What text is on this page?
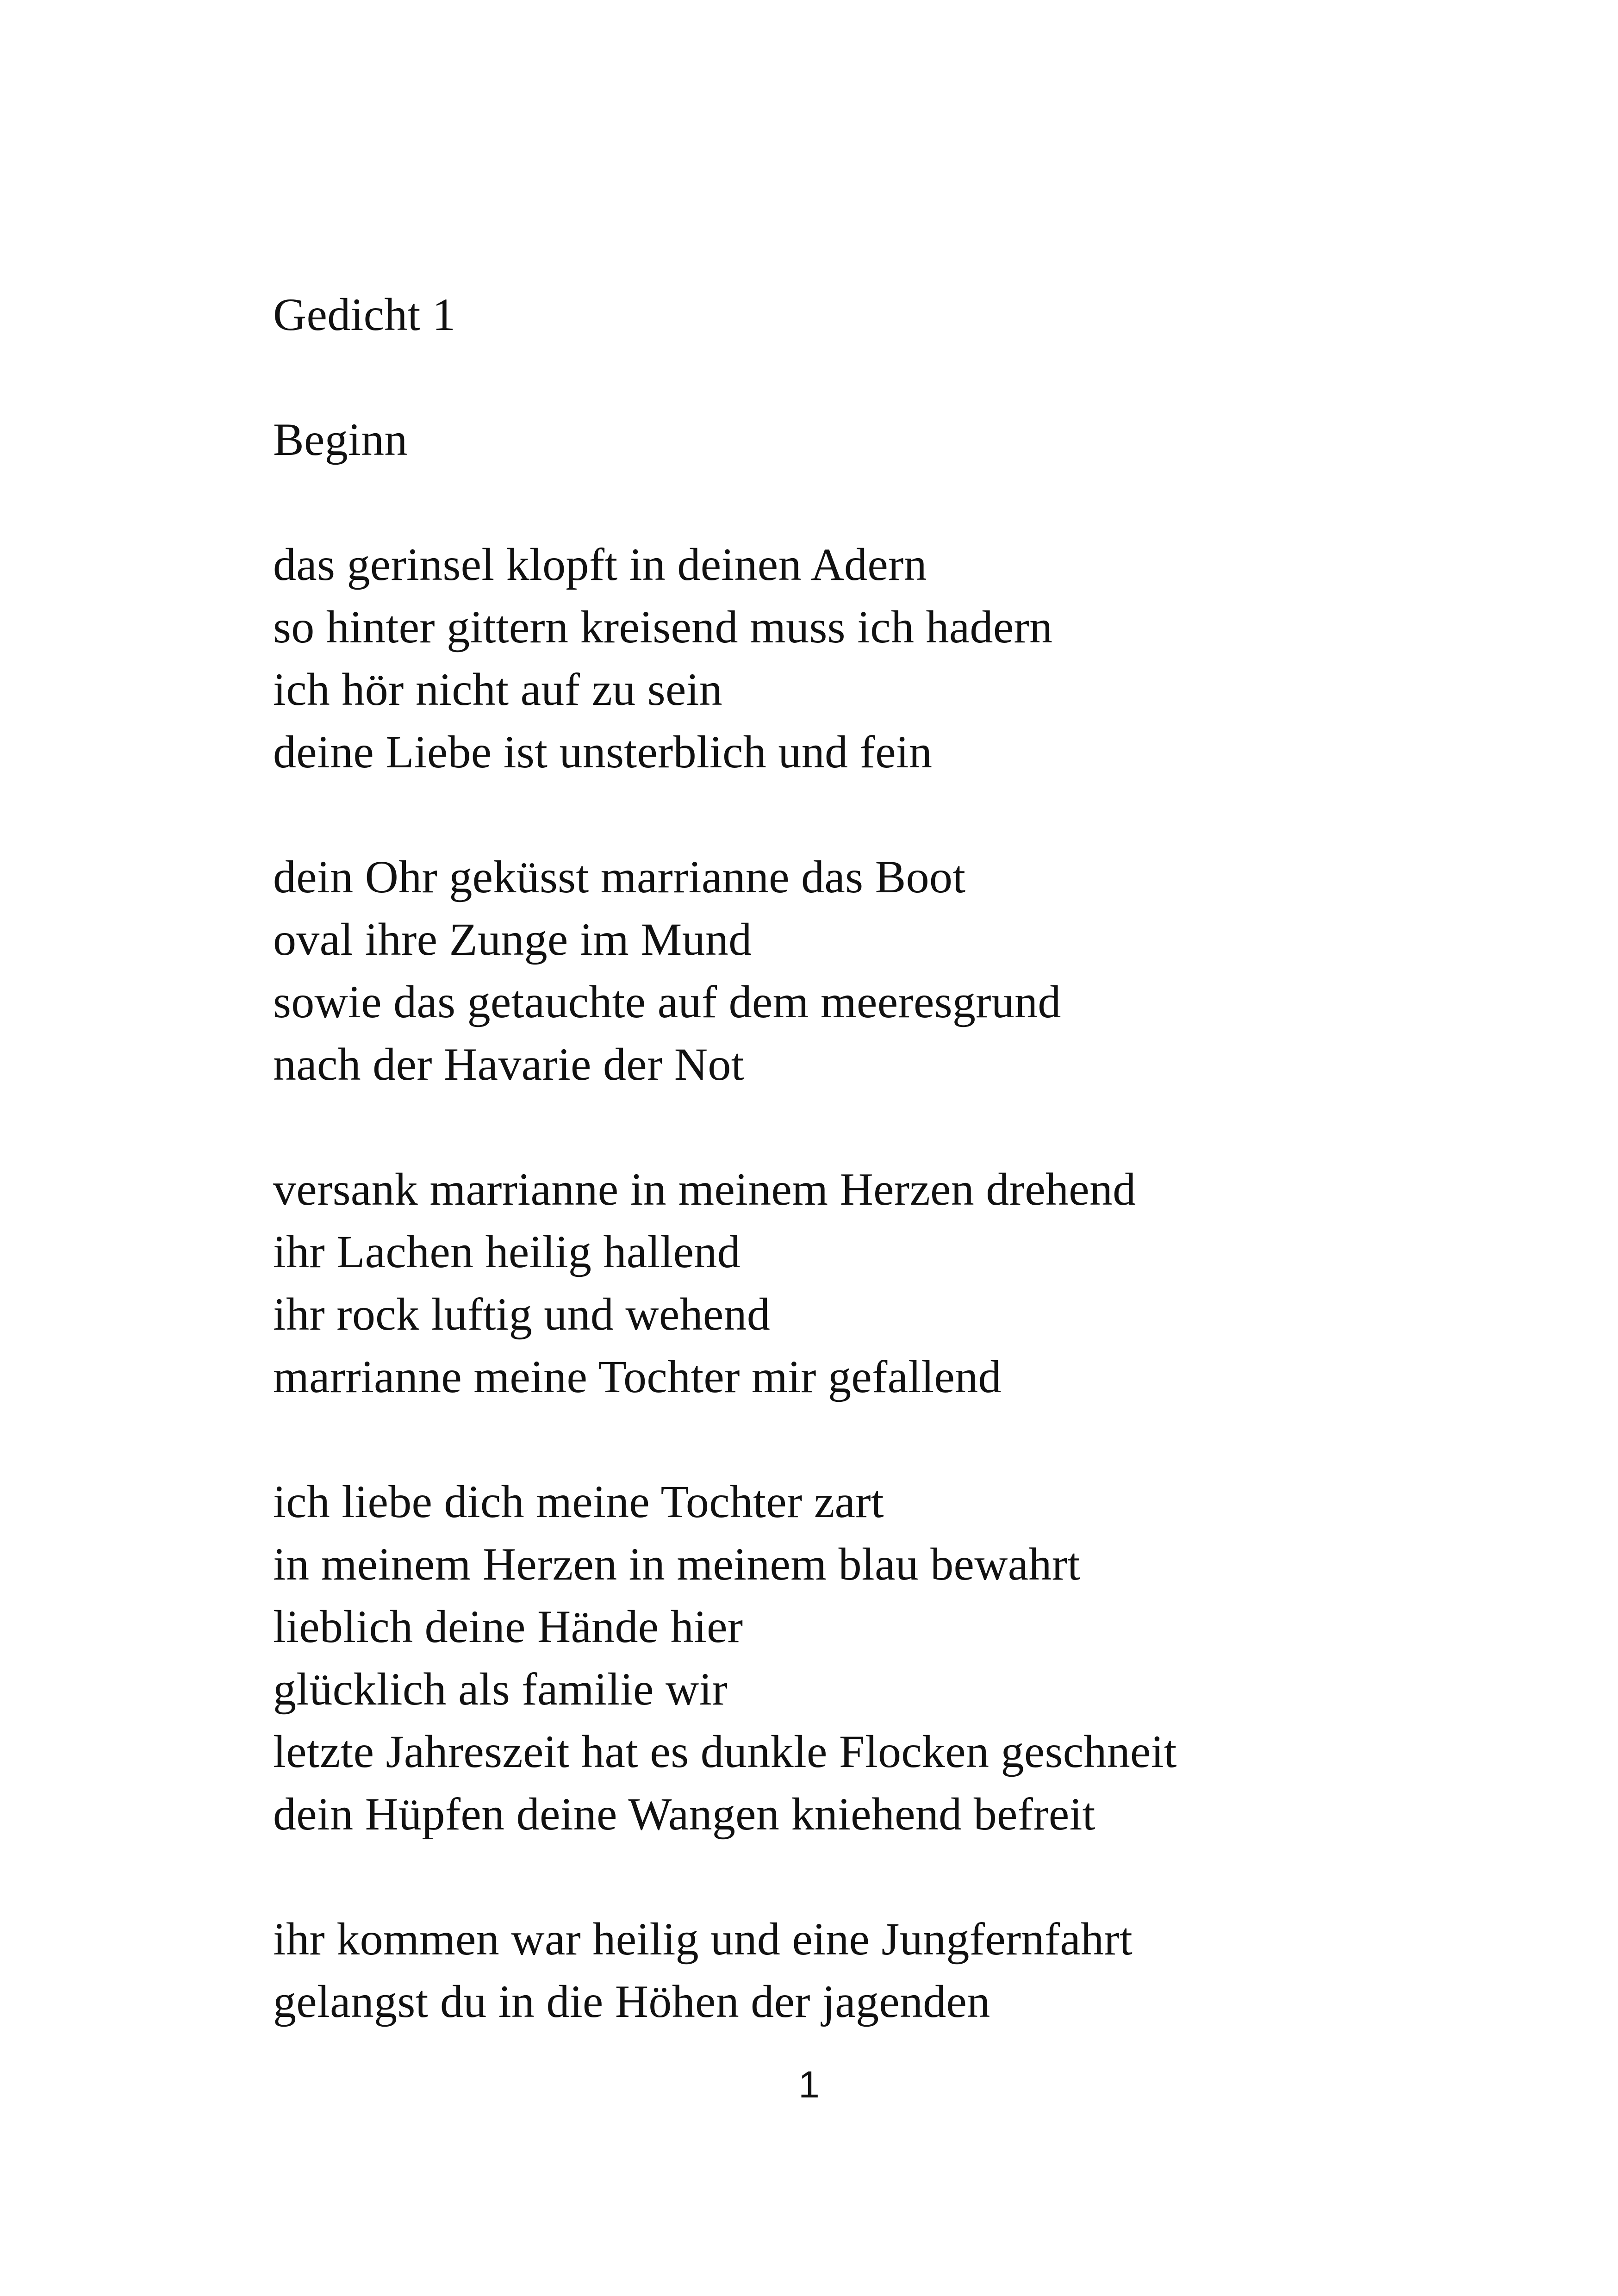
Gedicht 1
Beginn
das gerinsel klopft in deinen Adern
so hinter gittern kreisend muss ich hadern
ich hör nicht auf zu sein
deine Liebe ist unsterblich und fein
dein Ohr geküsst marrianne das Boot
oval ihre Zunge im Mund
sowie das getauchte auf dem meeresgrund
nach der Havarie der Not
versank marrianne in meinem Herzen drehend
ihr Lachen heilig hallend
ihr rock luftig und wehend
marrianne meine Tochter mir gefallend
ich liebe dich meine Tochter zart
in meinem Herzen in meinem blau bewahrt
lieblich deine Hände hier
glücklich als familie wir
letzte Jahreszeit hat es dunkle Flocken geschneit
dein Hüpfen deine Wangen kniehend befreit
ihr kommen war heilig und eine Jungfernfahrt
gelangst du in die Höhen der jagenden
1
